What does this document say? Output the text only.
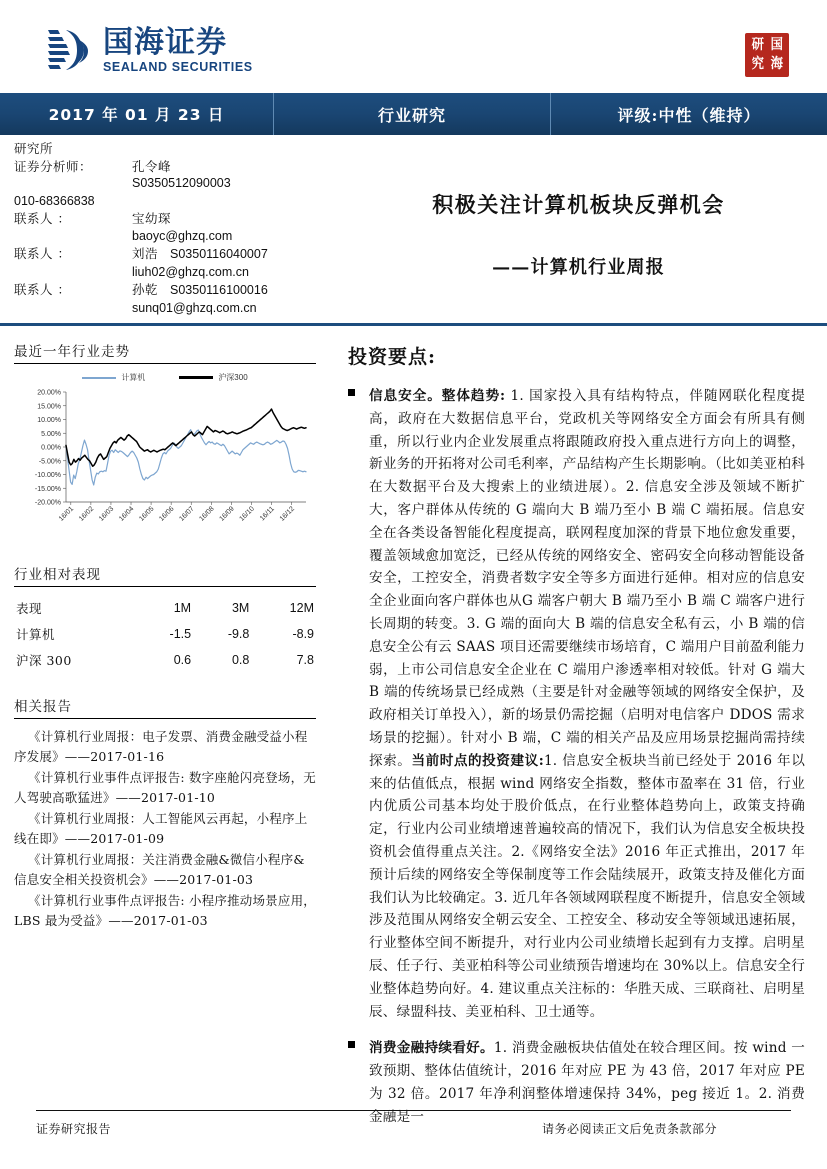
国海证券
SEALAND SECURITIES
国
研
海
究
2017 年 01 月 23 日	行业研究	评级:中性（维持）
研究所
证券分析师：	孔令峰
S0350512090003
010-68366838
联系人 ：	宝幼琛
baoyc@ghzq.com
联系人 ：	刘浩 S0350116040007
liuh02@ghzq.com.cn
联系人 ：	孙乾 S0350116100016
sunq01@ghzq.com.cn
积极关注计算机板块反弹机会
——计算机行业周报
最近一年行业走势
计算机	沪深300
20.00%
15.00%
10.00%
5.00%
0.00%
-5.00%
-10.00%
-15.00%
-20.00%
16/01 16/02 16/03 16/04 16/05 16/06 16/07 16/08 16/09 16/10 16/11 16/12
行业相对表现
表现	1M	3M	12M
计算机	-1.5	-9.8	-8.9
沪深 300	0.6	0.8	7.8
相关报告
《计算机行业周报：电子发票、消费金融受益小程序发展》——2017-01-16
《计算机行业事件点评报告: 数字座舱闪亮登场，无人驾驶高歌猛进》——2017-01-10
《计算机行业周报：人工智能风云再起，小程序上线在即》——2017-01-09
《计算机行业周报：关注消费金融&微信小程序&信息安全相关投资机会》——2017-01-03
《计算机行业事件点评报告: 小程序推动场景应用，LBS 最为受益》——2017-01-03
投资要点:
信息安全。整体趋势: 1. 国家投入具有结构特点，伴随网联化程度提高，政府在大数据信息平台，党政机关等网络安全方面会有所具有侧重，所以行业内企业发展重点将跟随政府投入重点进行方向上的调整，新业务的开拓将对公司毛利率，产品结构产生长期影响。（比如美亚柏科在大数据平台及大搜索上的业绩进展）。2. 信息安全涉及领域不断扩大，客户群体从传统的 G 端向大 B 端乃至小 B 端 C 端拓展。信息安全在各类设备智能化程度提高，联网程度加深的背景下地位愈发重要，覆盖领域愈加宽泛，已经从传统的网络安全、密码安全向移动智能设备安全，工控安全，消费者数字安全等多方面进行延伸。相对应的信息安全企业面向客户群体也从G 端客户朝大 B 端乃至小 B 端 C 端客户进行长周期的转变。3. G 端的面向大 B 端的信息安全私有云，小 B 端的信息安全公有云 SAAS 项目还需要继续市场培育，C 端用户目前盈利能力弱，上市公司信息安全企业在 C 端用户渗透率相对较低。针对 G 端大 B 端的传统场景已经成熟（主要是针对金融等领域的网络安全保护，及政府相关订单投入），新的场景仍需挖掘（启明对电信客户 DDOS 需求场景的挖掘）。针对小 B 端，C 端的相关产品及应用场景挖掘尚需持续探索。当前时点的投资建议:1. 信息安全板块当前已经处于 2016 年以来的估值低点，根据 wind 网络安全指数，整体市盈率在 31 倍，行业内优质公司基本均处于股价低点，在行业整体趋势向上，政策支持确定，行业内公司业绩增速普遍较高的情况下，我们认为信息安全板块投资机会值得重点关注。2.《网络安全法》2016 年正式推出，2017 年预计后续的网络安全等保制度等工作会陆续展开，政策支持及催化方面我们认为比较确定。3. 近几年各领域网联程度不断提升，信息安全领域涉及范围从网络安全朝云安全、工控安全、移动安全等领域迅速拓展，行业整体空间不断提升，对行业内公司业绩增长起到有力支撑。启明星辰、任子行、美亚柏科等公司业绩预告增速均在 30%以上。信息安全行业整体趋势向好。4. 建议重点关注标的：华胜天成、三联商社、启明星辰、绿盟科技、美亚柏科、卫士通等。
消费金融持续看好。1. 消费金融板块估值处在较合理区间。按 wind 一致预期、整体估值统计，2016 年对应 PE 为 43 倍，2017 年对应 PE 为 32 倍。2017 年净利润整体增速保持 34%，peg 接近 1。2. 消费金融是一
证券研究报告	请务必阅读正文后免责条款部分
